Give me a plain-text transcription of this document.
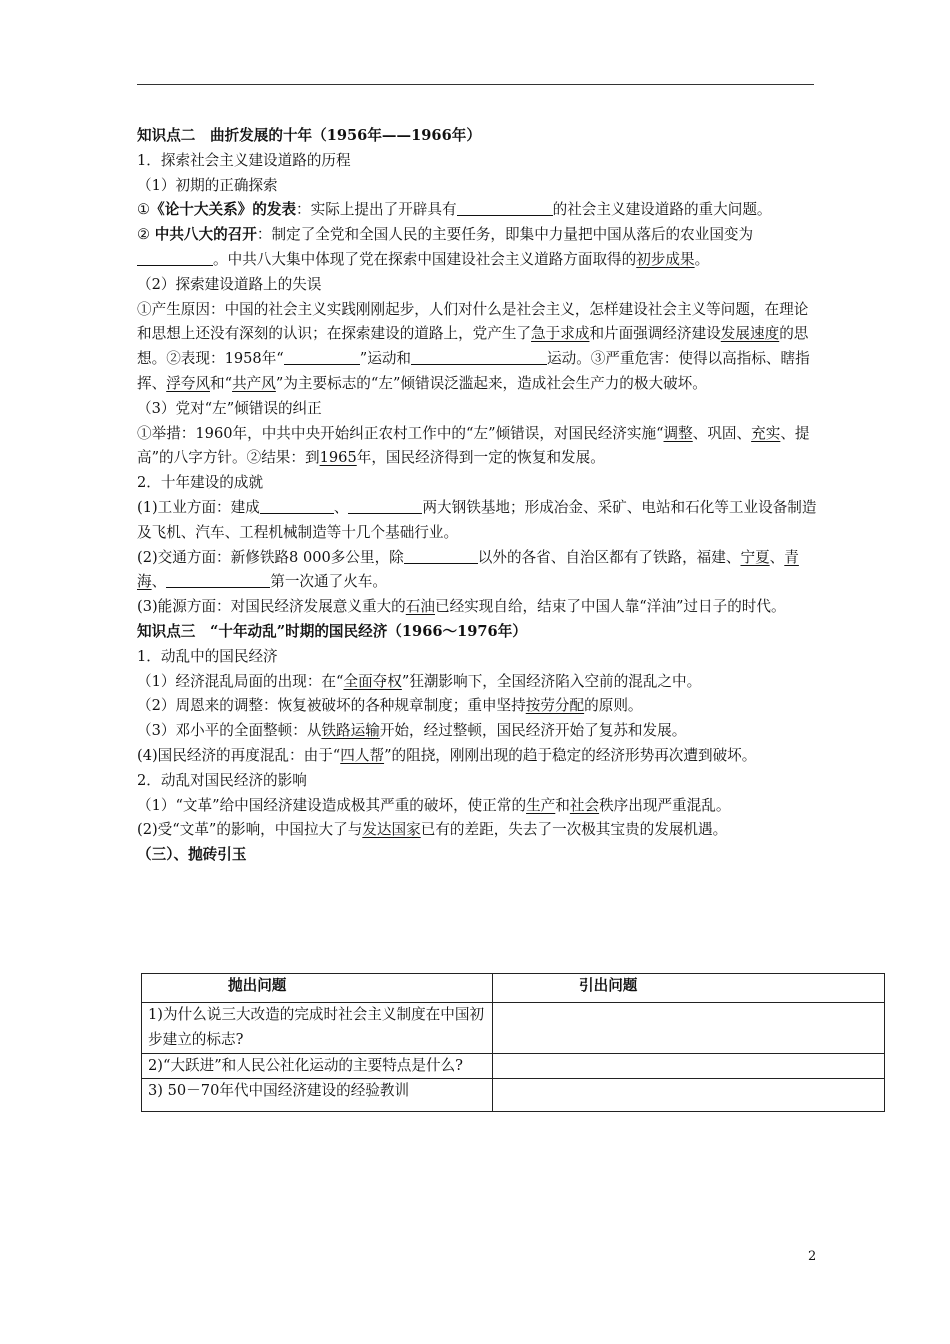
知识点二　曲折发展的十年（1956年——1966年）

1．探索社会主义建设道路的历程

（1）初期的正确探索

①《论十大关系》的发表：实际上提出了开辟具有	的社会主义建设道路的重大问题。

② 中共八大的召开：制定了全党和全国人民的主要任务，即集中力量把中国从落后的农业国变为。中共八大集中体现了党在探索中国建设社会主义道路方面取得的初步成果。

（2）探索建设道路上的失误

①产生原因：中国的社会主义实践刚刚起步，人们对什么是社会主义，怎样建设社会主义等问题，在理论和思想上还没有深刻的认识；在探索建设的道路上，党产生了急于求成和片面强调经济建设发展速度的思想。②表现：1958年“	”运动和	运动。③严重危害：使得以高指标、瞎指挥、浮夸风和“共产风”为主要标志的“左”倾错误泛滥起来，造成社会生产力的极大破坏。

（3）党对“左”倾错误的纠正

①举措：1960年，中共中央开始纠正农村工作中的“左”倾错误，对国民经济实施“调整、巩固、充实、提高”的八字方针。②结果：到1965年，国民经济得到一定的恢复和发展。

2．十年建设的成就

(1)工业方面：建成	、	两大钢铁基地；形成冶金、采矿、电站和石化等工业设备制造及飞机、汽车、工程机械制造等十几个基础行业。

(2)交通方面：新修铁路8 000多公里，除	以外的各省、自治区都有了铁路，福建、宁夏、青海、	第一次通了火车。

(3)能源方面：对国民经济发展意义重大的石油已经实现自给，结束了中国人靠“洋油”过日子的时代。

知识点三　“十年动乱”时期的国民经济（1966～1976年）

1．动乱中的国民经济

（1）经济混乱局面的出现：在“全面夺权”狂潮影响下，全国经济陷入空前的混乱之中。

（2）周恩来的调整：恢复被破坏的各种规章制度；重申坚持按劳分配的原则。

（3）邓小平的全面整顿：从铁路运输开始，经过整顿，国民经济开始了复苏和发展。

(4)国民经济的再度混乱：由于“四人帮”的阻挠，刚刚出现的趋于稳定的经济形势再次遭到破坏。

2．动乱对国民经济的影响

（1）“文革”给中国经济建设造成极其严重的破坏，使正常的生产和社会秩序出现严重混乱。

(2)受“文革”的影响，中国拉大了与发达国家已有的差距，失去了一次极其宝贵的发展机遇。

（三）、抛砖引玉

抛出问题	引出问题
1)为什么说三大改造的完成时社会主义制度在中国初步建立的标志?	
2)“大跃进”和人民公社化运动的主要特点是什么?	
3) 50－70年代中国经济建设的经验教训	
2
